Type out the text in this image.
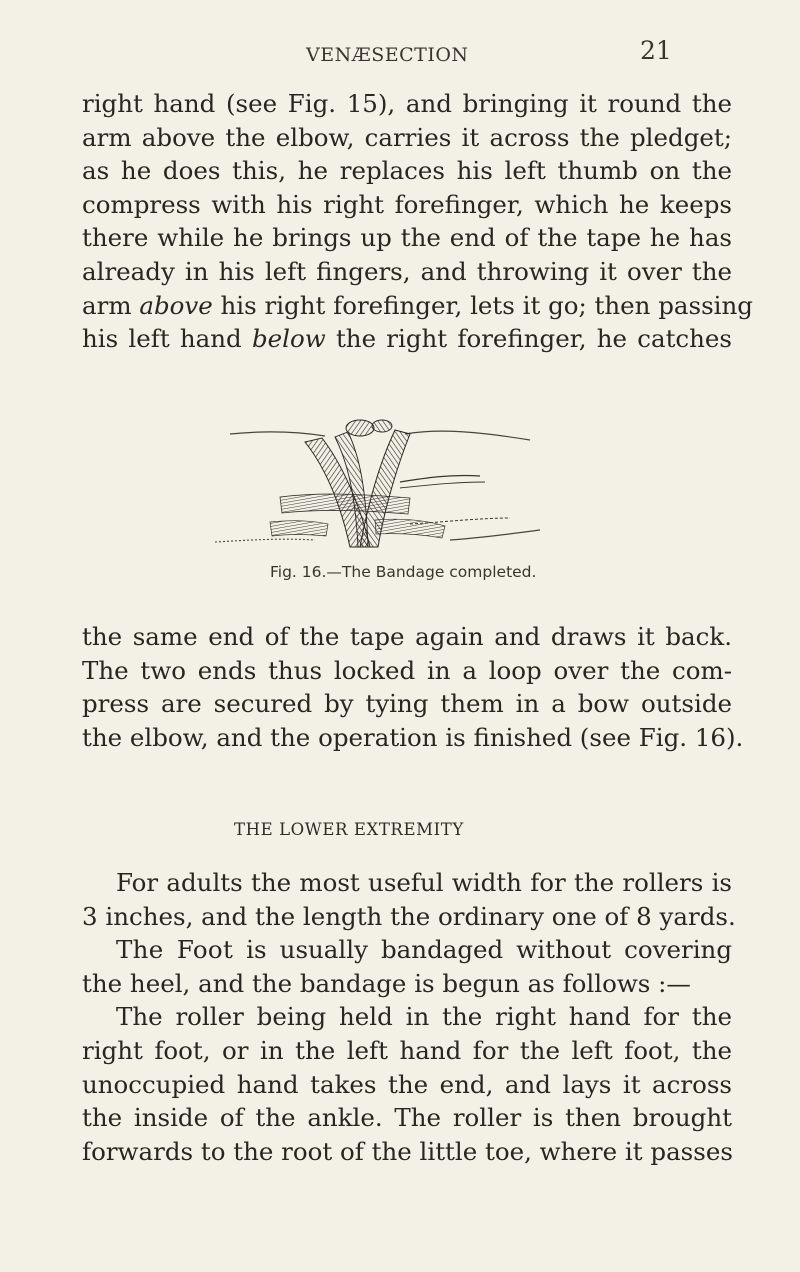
VENÆSECTION	21
right hand (see Fig. 15), and bringing it round the
arm above the elbow, carries it across the pledget;
as he does this, he replaces his left thumb on the
compress with his right forefinger, which he keeps
there while he brings up the end of the tape he has
already in his left fingers, and throwing it over the
arm above his right forefinger, lets it go; then passing
his left hand below the right forefinger, he catches
Fig. 16.—The Bandage completed.
the same end of the tape again and draws it back.
The two ends thus locked in a loop over the com-
press are secured by tying them in a bow outside
the elbow, and the operation is finished (see Fig. 16).
THE LOWER EXTREMITY
For adults the most useful width for the rollers is
3 inches, and the length the ordinary one of 8 yards.
The Foot is usually bandaged without covering
the heel, and the bandage is begun as follows :—
The roller being held in the right hand for the
right foot, or in the left hand for the left foot, the
unoccupied hand takes the end, and lays it across
the inside of the ankle. The roller is then brought
forwards to the root of the little toe, where it passes
